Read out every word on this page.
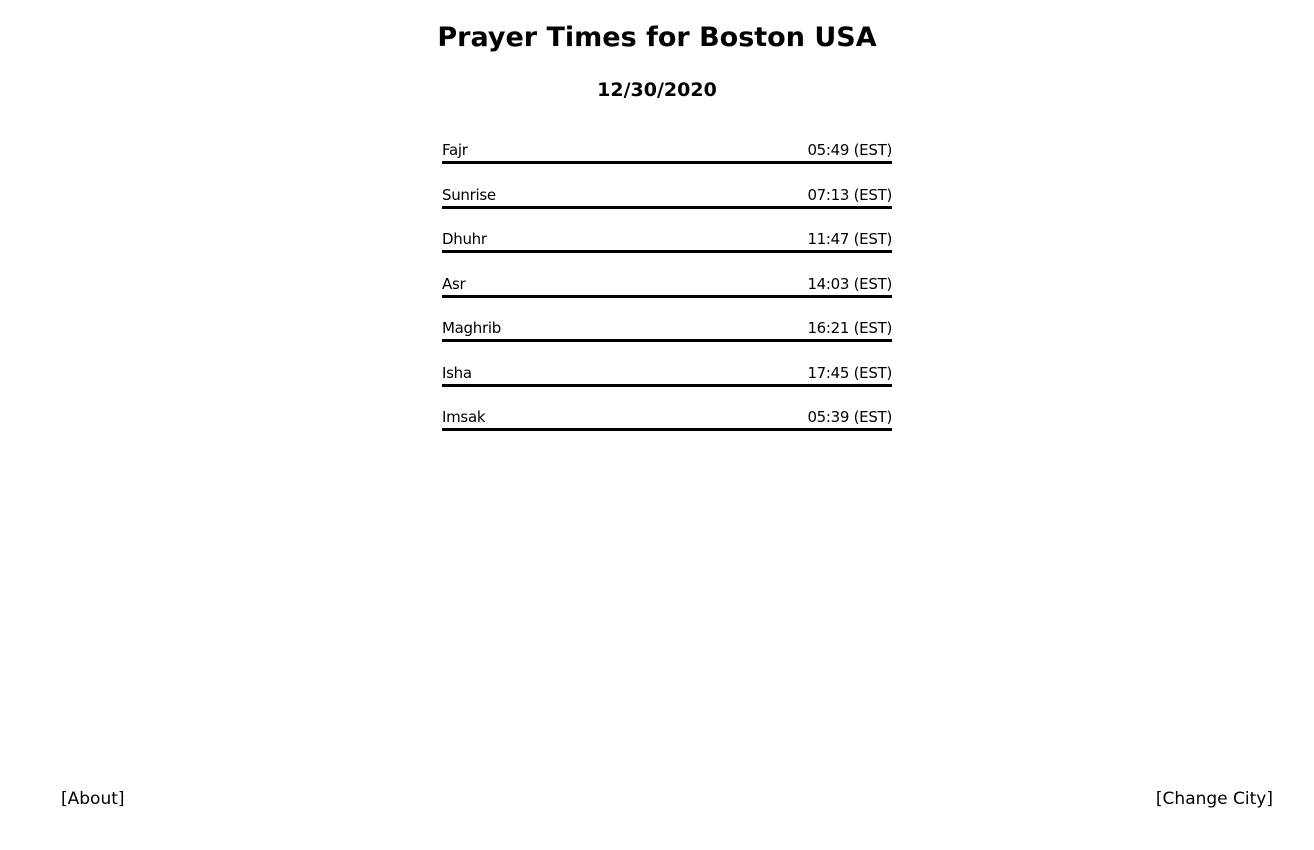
Prayer Times for Boston USA
12/30/2020
Fajr	05:49 (EST)
Sunrise	07:13 (EST)
Dhuhr	11:47 (EST)
Asr	14:03 (EST)
Maghrib	16:21 (EST)
Isha	17:45 (EST)
Imsak	05:39 (EST)
[About]	[Change City]
